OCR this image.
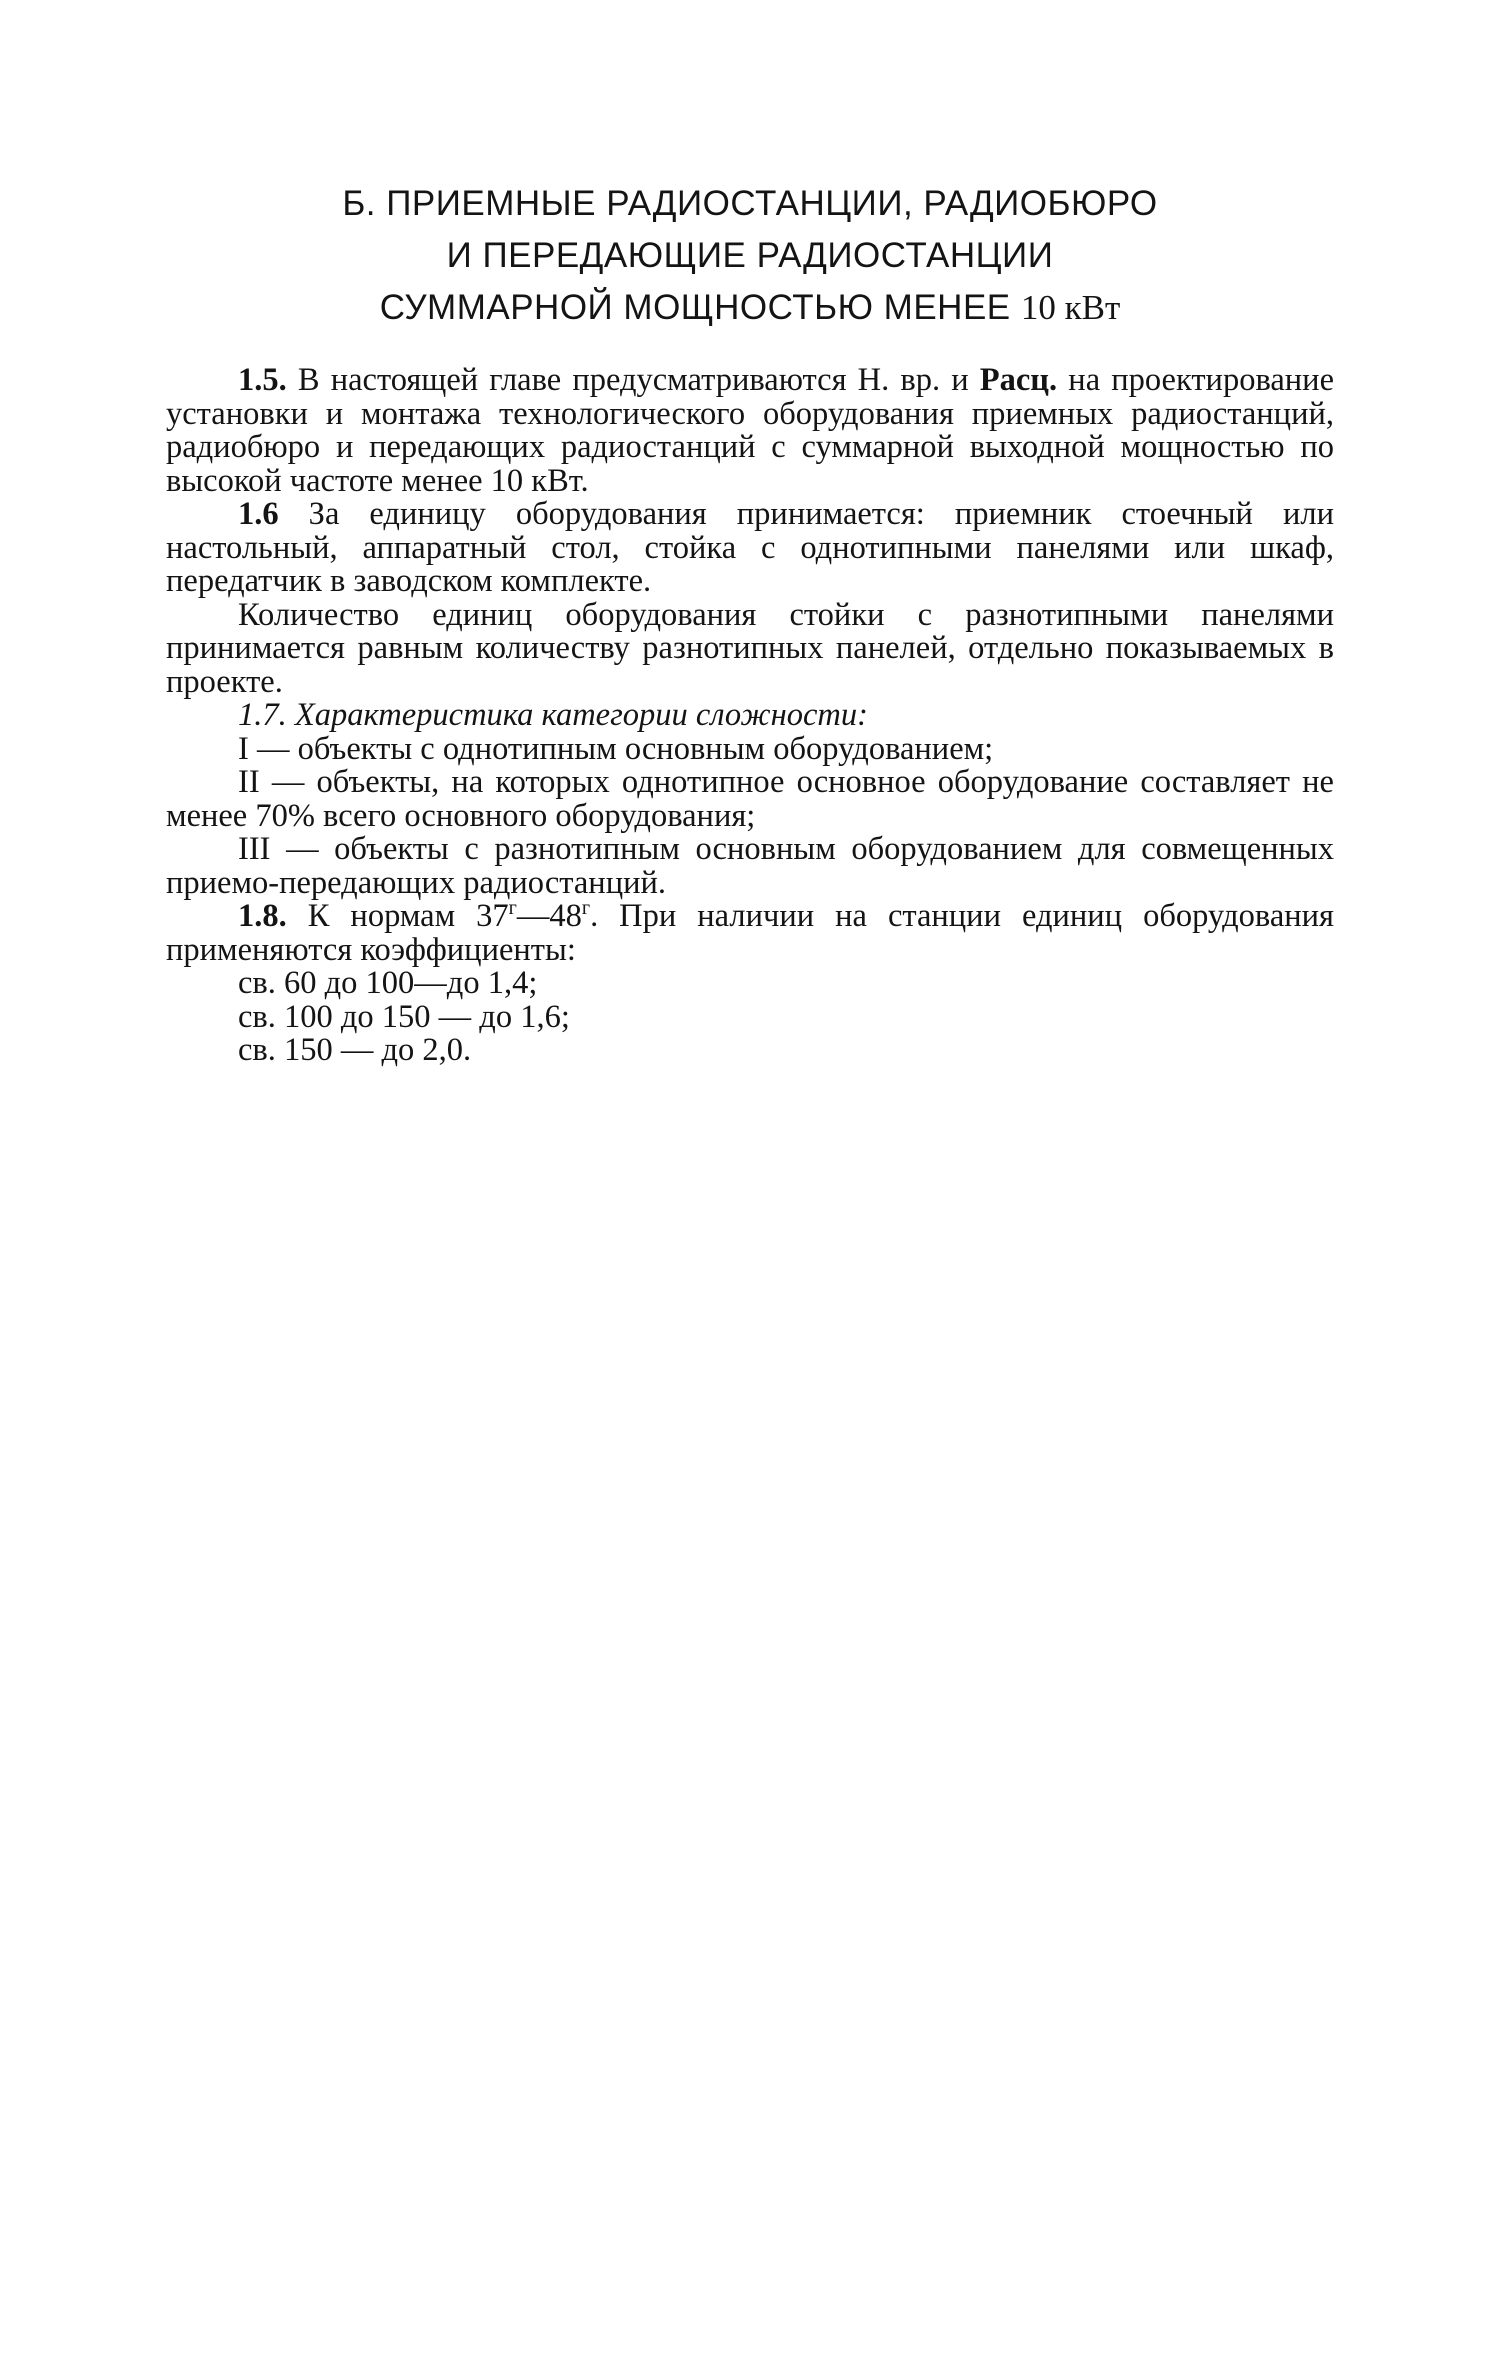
Б. ПРИЕМНЫЕ РАДИОСТАНЦИИ, РАДИОБЮРО
И ПЕРЕДАЮЩИЕ РАДИОСТАНЦИИ
СУММАРНОЙ МОЩНОСТЬЮ МЕНЕЕ 10 кВт

1.5. В настоящей главе предусматриваются Н. вр. и Расц. на проектирование установки и монтажа технологического оборудования приемных радиостанций, радиобюро и передающих радиостанций с суммарной выходной мощностью по высокой частоте менее 10 кВт.

1.6 За единицу оборудования принимается: приемник стоечный или настольный, аппаратный стол, стойка с однотипными панелями или шкаф, передатчик в заводском комплекте.

Количество единиц оборудования стойки с разнотипными панелями принимается равным количеству разнотипных панелей, отдельно показываемых в проекте.

1.7. Характеристика категории сложности:

I — объекты с однотипным основным оборудованием;

II — объекты, на которых однотипное основное оборудование составляет не менее 70% всего основного оборудования;

III — объекты с разнотипным основным оборудованием для совмещенных приемо-передающих радиостанций.

1.8. К нормам $37^г—48^г$. При наличии на станции единиц оборудования применяются коэффициенты:

св. 60 до 100—до 1,4;

св. 100 до 150 — до 1,6;

св. 150 — до 2,0.
